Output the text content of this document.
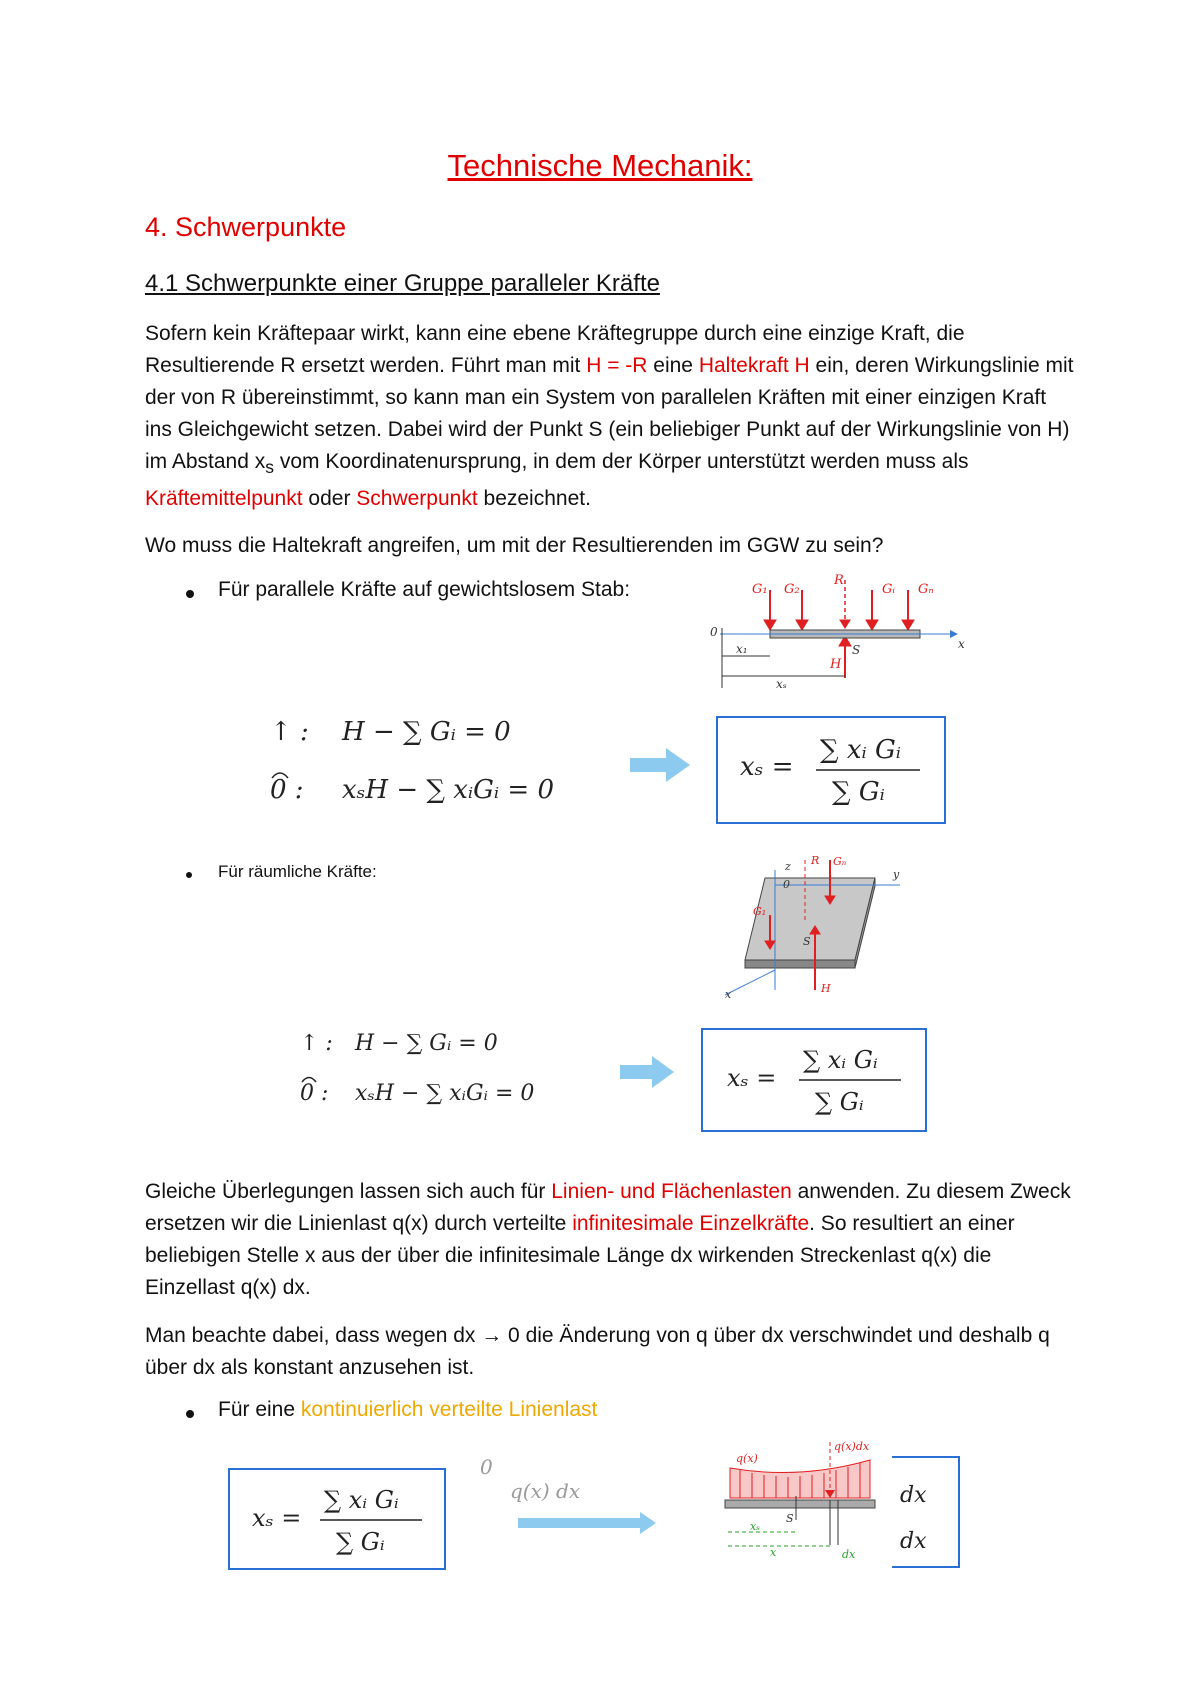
Technische Mechanik:
4. Schwerpunkte
4.1 Schwerpunkte einer Gruppe paralleler Kräfte
Sofern kein Kräftepaar wirkt, kann eine ebene Kräftegruppe durch eine einzige Kraft, die Resultierende R ersetzt werden. Führt man mit H = -R eine Haltekraft H ein, deren Wirkungslinie mit der von R übereinstimmt, so kann man ein System von parallelen Kräften mit einer einzigen Kraft ins Gleichgewicht setzen. Dabei wird der Punkt S (ein beliebiger Punkt auf der Wirkungslinie von H) im Abstand $x_s$ vom Koordinatenursprung, in dem der Körper unterstützt werden muss als Kräftemittelpunkt oder Schwerpunkt bezeichnet.
Wo muss die Haltekraft angreifen, um mit der Resultierenden im GGW zu sein?
Für parallele Kräfte auf gewichtslosem Stab:	G₁ G₂
R
Gᵢ Gₙ
H
0
x₁
xₛ
S	x
↑ : H − ∑ Gᵢ = 0
0 : xₛH − ∑ xᵢGᵢ = 0
xₛ =
∑ xᵢ Gᵢ
∑ Gᵢ
Für räumliche Kräfte:	z
0
y
x
S
Gₙ
G₁
R
H
↑ : H − ∑ Gᵢ = 0
0 : xₛH − ∑ xᵢGᵢ = 0
xₛ =
∑ xᵢ Gᵢ
∑ Gᵢ
Gleiche Überlegungen lassen sich auch für Linien- und Flächenlasten anwenden. Zu diesem Zweck ersetzen wir die Linienlast q(x) durch verteilte infinitesimale Einzelkräfte. So resultiert an einer beliebigen Stelle x aus der über die infinitesimale Länge dx wirkenden Streckenlast q(x) die Einzellast q(x) dx.
Man beachte dabei, dass wegen dx → 0 die Änderung von q über dx verschwindet und deshalb q über dx als konstant anzusehen ist.
Für eine kontinuierlich verteilte Linienlast
xₛ =
∑ xᵢ Gᵢ
∑ Gᵢ
0
q(x) dx
q(x)
q(x)dx
xₛ
x	dx
S
dx
dx
